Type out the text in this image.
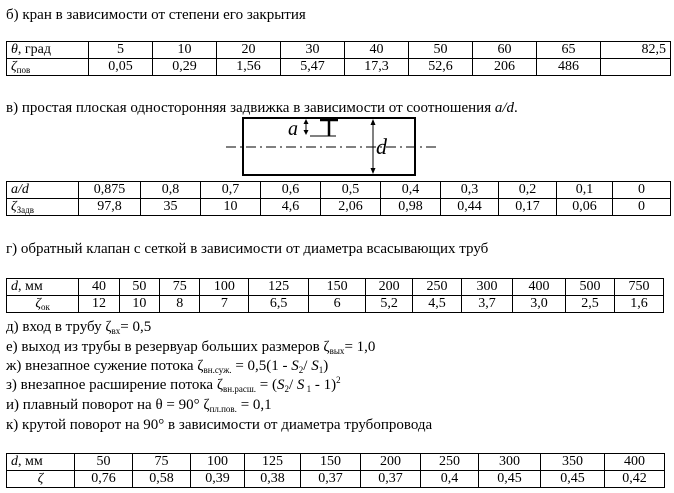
б) кран в зависимости от степени его закрытия
θ, град	5	10	20	30	40	50	60	65	82,5
$\zeta_{пов}$	0,05	0,29	1,56	5,47	17,3	52,6	206	486	
в) простая плоская односторонняя задвижка в зависимости от соотношения a/d.
a
d
a/d	0,875	0,8	0,7	0,6	0,5	0,4	0,3	0,2	0,1	0
$\zeta_{Задв}$	97,8	35	10	4,6	2,06	0,98	0,44	0,17	0,06	0
г) обратный клапан с сеткой в зависимости от диаметра всасывающих труб
d, мм	40	50	75	100	125	150	200	250	300	400	500	750
$\zeta_{ок}$	12	10	8	7	6,5	6	5,2	4,5	3,7	3,0	2,5	1,6
д) вход в трубу $\zeta_{вх}= 0,5$
е) выход из трубы в резервуар больших размеров $\zeta_{вых}= 1,0$
ж) внезапное сужение потока $\zeta_{вн.суж.} = 0,5(1 - S_2/$ $S_1$)
з) внезапное расширение потока $\zeta_{вн.расш.} = (S_2/$ S $_1$ - 1)$^2$
и) плавный поворот на θ = 90° $\zeta_{пл.пов.} = 0,1$
к) крутой поворот на 90° в зависимости от диаметра трубопровода
d, мм	50	75	100	125	150	200	250	300	350	400
ζ	0,76	0,58	0,39	0,38	0,37	0,37	0,4	0,45	0,45	0,42
